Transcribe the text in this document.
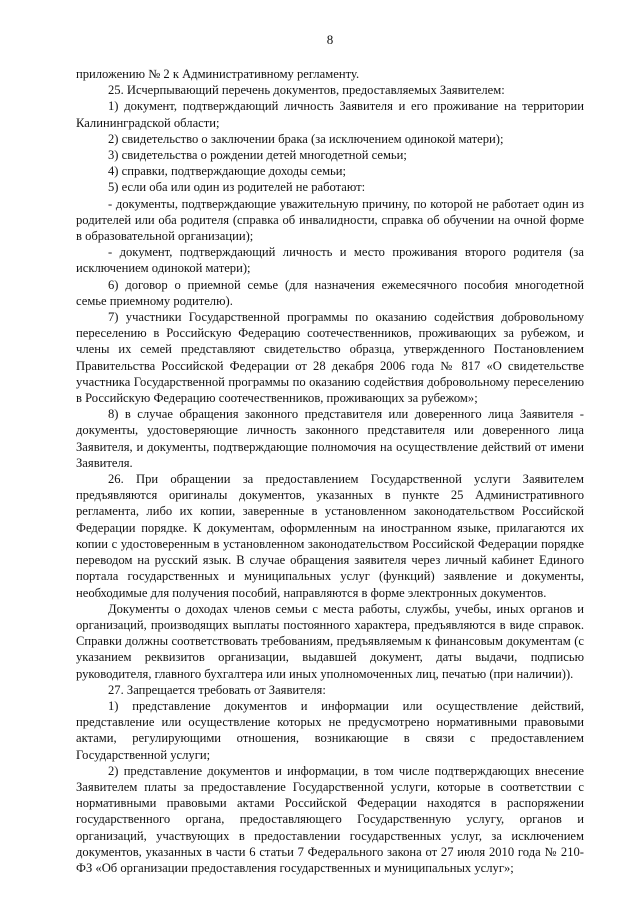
8

приложению № 2 к Административному регламенту.

25. Исчерпывающий перечень документов, предоставляемых Заявителем:

1) документ, подтверждающий личность Заявителя и его проживание на территории Калининградской области;

2) свидетельство о заключении брака (за исключением одинокой матери);

3) свидетельства о рождении детей многодетной семьи;

4) справки, подтверждающие доходы семьи;

5) если оба или один из родителей не работают:

- документы, подтверждающие уважительную причину, по которой не работает один из родителей или оба родителя (справка об инвалидности, справка об обучении на очной форме в образовательной организации);

- документ, подтверждающий личность и место проживания второго родителя (за исключением одинокой матери);

6) договор о приемной семье (для назначения ежемесячного пособия многодетной семье приемному родителю).

7) участники Государственной программы по оказанию содействия добровольному переселению в Российскую Федерацию соотечественников, проживающих за рубежом, и члены их семей представляют свидетельство образца, утвержденного Постановлением Правительства Российской Федерации от 28 декабря 2006 года № 817 «О свидетельстве участника Государственной программы по оказанию содействия добровольному переселению в Российскую Федерацию соотечественников, проживающих за рубежом»;

8) в случае обращения законного представителя или доверенного лица Заявителя - документы, удостоверяющие личность законного представителя или доверенного лица Заявителя, и документы, подтверждающие полномочия на осуществление действий от имени Заявителя.

26. При обращении за предоставлением Государственной услуги Заявителем предъявляются оригиналы документов, указанных в пункте 25 Административного регламента, либо их копии, заверенные в установленном законодательством Российской Федерации порядке. К документам, оформленным на иностранном языке, прилагаются их копии с удостоверенным в установленном законодательством Российской Федерации порядке переводом на русский язык. В случае обращения заявителя через личный кабинет Единого портала государственных и муниципальных услуг (функций) заявление и документы, необходимые для получения пособий, направляются в форме электронных документов.

Документы о доходах членов семьи с места работы, службы, учебы, иных органов и организаций, производящих выплаты постоянного характера, предъявляются в виде справок. Справки должны соответствовать требованиям, предъявляемым к финансовым документам (с указанием реквизитов организации, выдавшей документ, даты выдачи, подписью руководителя, главного бухгалтера или иных уполномоченных лиц, печатью (при наличии)).

27. Запрещается требовать от Заявителя:

1) представление документов и информации или осуществление действий, представление или осуществление которых не предусмотрено нормативными правовыми актами, регулирующими отношения, возникающие в связи с предоставлением Государственной услуги;

2) представление документов и информации, в том числе подтверждающих внесение Заявителем платы за предоставление Государственной услуги, которые в соответствии с нормативными правовыми актами Российской Федерации находятся в распоряжении государственного органа, предоставляющего Государственную услугу, органов и организаций, участвующих в предоставлении государственных услуг, за исключением документов, указанных в части 6 статьи 7 Федерального закона от 27 июля 2010 года № 210-ФЗ «Об организации предоставления государственных и муниципальных услуг»;
